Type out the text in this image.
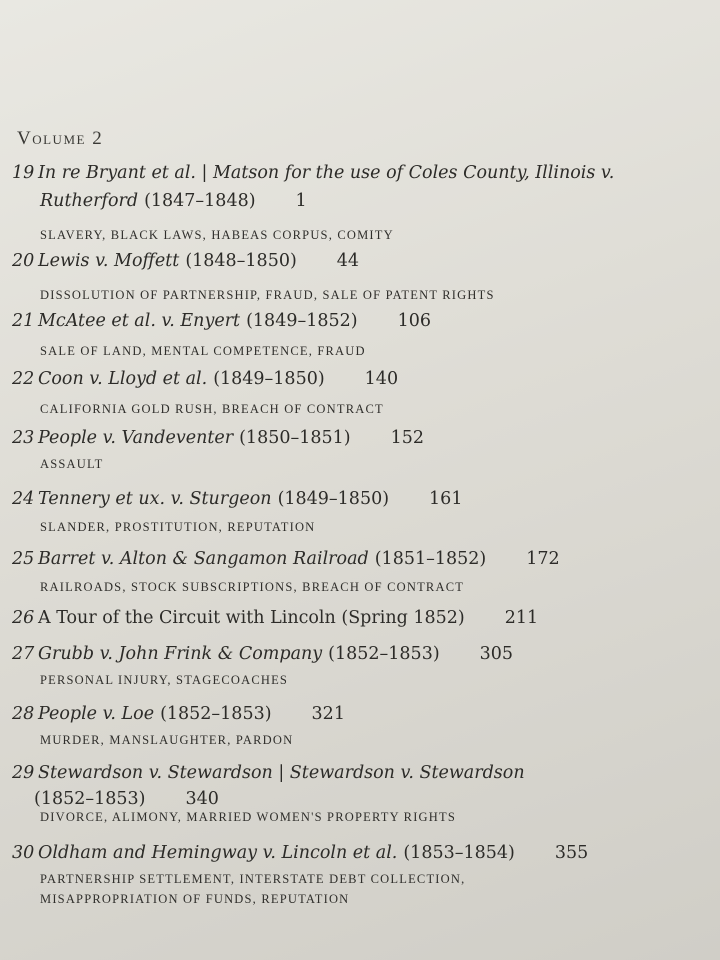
Volume 2
19 In re Bryant et al. | Matson for the use of Coles County, Illinois v.
Rutherford (1847–1848) 1
SLAVERY, BLACK LAWS, HABEAS CORPUS, COMITY
20 Lewis v. Moffett (1848–1850) 44
DISSOLUTION OF PARTNERSHIP, FRAUD, SALE OF PATENT RIGHTS
21 McAtee et al. v. Enyert (1849–1852) 106
SALE OF LAND, MENTAL COMPETENCE, FRAUD
22 Coon v. Lloyd et al. (1849–1850) 140
CALIFORNIA GOLD RUSH, BREACH OF CONTRACT
23 People v. Vandeventer (1850–1851) 152
ASSAULT
24 Tennery et ux. v. Sturgeon (1849–1850) 161
SLANDER, PROSTITUTION, REPUTATION
25 Barret v. Alton & Sangamon Railroad (1851–1852) 172
RAILROADS, STOCK SUBSCRIPTIONS, BREACH OF CONTRACT
26 A Tour of the Circuit with Lincoln (Spring 1852) 211
27 Grubb v. John Frink & Company (1852–1853) 305
PERSONAL INJURY, STAGECOACHES
28 People v. Loe (1852–1853) 321
MURDER, MANSLAUGHTER, PARDON
29 Stewardson v. Stewardson | Stewardson v. Stewardson
(1852–1853) 340
DIVORCE, ALIMONY, MARRIED WOMEN'S PROPERTY RIGHTS
30 Oldham and Hemingway v. Lincoln et al. (1853–1854) 355
PARTNERSHIP SETTLEMENT, INTERSTATE DEBT COLLECTION,
MISAPPROPRIATION OF FUNDS, REPUTATION
